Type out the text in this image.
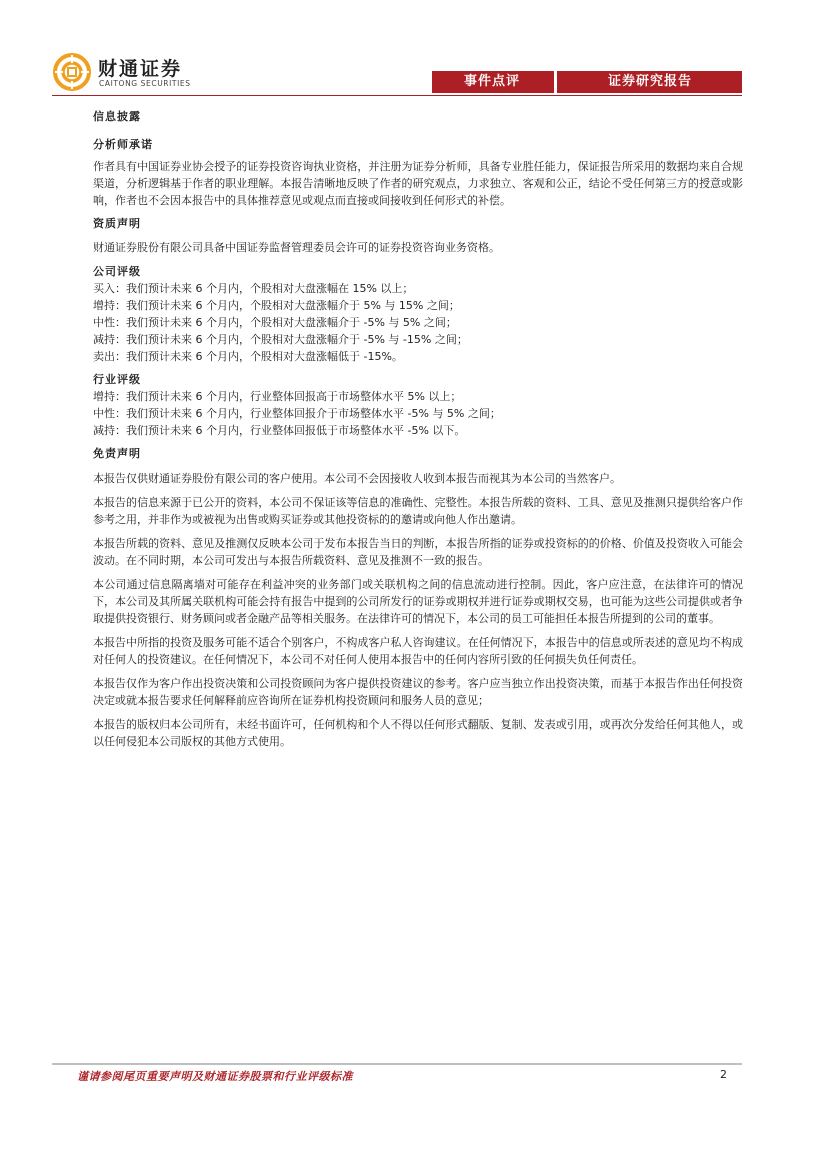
财通证券
CAITONG SECURITIES	事件点评	证券研究报告

信息披露

分析师承诺

作者具有中国证券业协会授予的证券投资咨询执业资格，并注册为证券分析师，具备专业胜任能力，保证报告所采用的数据均来自合规渠道，分析逻辑基于作者的职业理解。本报告清晰地反映了作者的研究观点，力求独立、客观和公正，结论不受任何第三方的授意或影响，作者也不会因本报告中的具体推荐意见或观点而直接或间接收到任何形式的补偿。

资质声明

财通证券股份有限公司具备中国证券监督管理委员会许可的证券投资咨询业务资格。

公司评级

买入：我们预计未来 6 个月内，个股相对大盘涨幅在 15% 以上；

增持：我们预计未来 6 个月内，个股相对大盘涨幅介于 5% 与 15% 之间；

中性：我们预计未来 6 个月内，个股相对大盘涨幅介于 -5% 与 5% 之间；

减持：我们预计未来 6 个月内，个股相对大盘涨幅介于 -5% 与 -15% 之间；

卖出：我们预计未来 6 个月内，个股相对大盘涨幅低于 -15%。

行业评级

增持：我们预计未来 6 个月内，行业整体回报高于市场整体水平 5% 以上；

中性：我们预计未来 6 个月内，行业整体回报介于市场整体水平 -5% 与 5% 之间；

减持：我们预计未来 6 个月内，行业整体回报低于市场整体水平 -5% 以下。

免责声明

本报告仅供财通证券股份有限公司的客户使用。本公司不会因接收人收到本报告而视其为本公司的当然客户。

本报告的信息来源于已公开的资料，本公司不保证该等信息的准确性、完整性。本报告所载的资料、工具、意见及推测只提供给客户作参考之用，并非作为或被视为出售或购买证券或其他投资标的的邀请或向他人作出邀请。

本报告所载的资料、意见及推测仅反映本公司于发布本报告当日的判断，本报告所指的证券或投资标的的价格、价值及投资收入可能会波动。在不同时期，本公司可发出与本报告所载资料、意见及推测不一致的报告。

本公司通过信息隔离墙对可能存在利益冲突的业务部门或关联机构之间的信息流动进行控制。因此，客户应注意，在法律许可的情况下，本公司及其所属关联机构可能会持有报告中提到的公司所发行的证券或期权并进行证券或期权交易，也可能为这些公司提供或者争取提供投资银行、财务顾问或者金融产品等相关服务。在法律许可的情况下，本公司的员工可能担任本报告所提到的公司的董事。

本报告中所指的投资及服务可能不适合个别客户，不构成客户私人咨询建议。在任何情况下，本报告中的信息或所表述的意见均不构成对任何人的投资建议。在任何情况下，本公司不对任何人使用本报告中的任何内容所引致的任何损失负任何责任。

本报告仅作为客户作出投资决策和公司投资顾问为客户提供投资建议的参考。客户应当独立作出投资决策，而基于本报告作出任何投资决定或就本报告要求任何解释前应咨询所在证券机构投资顾问和服务人员的意见；

本报告的版权归本公司所有，未经书面许可，任何机构和个人不得以任何形式翻版、复制、发表或引用，或再次分发给任何其他人，或以任何侵犯本公司版权的其他方式使用。

谨请参阅尾页重要声明及财通证券股票和行业评级标准	2
